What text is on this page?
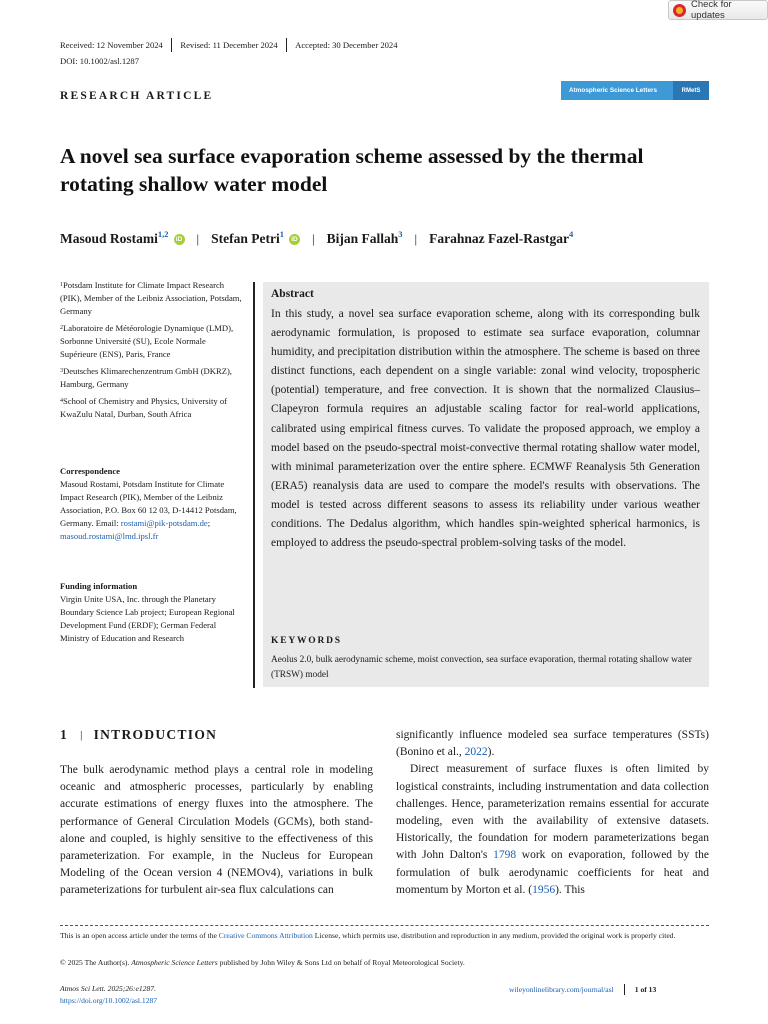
Check for updates
Received: 12 November 2024 Revised: 11 December 2024 Accepted: 30 December 2024
DOI: 10.1002/asl.1287
RESEARCH ARTICLE	Atmospheric Science Letters	RMetS
A novel sea surface evaporation scheme assessed by the thermal rotating shallow water model
Masoud Rostami$^{1,2}$	iD | Stefan Petri$^1$	iD | Bijan Fallah$^3$ | Farahnaz Fazel-Rastgar$^4$
$^1$Potsdam Institute for Climate Impact Research (PIK), Member of the Leibniz Association, Potsdam, Germany
$^2$Laboratoire de Météorologie Dynamique (LMD), Sorbonne Université (SU), Ecole Normale Supérieure (ENS), Paris, France
$^3$Deutsches Klimarechenzentrum GmbH (DKRZ), Hamburg, Germany
$^4$School of Chemistry and Physics, University of KwaZulu Natal, Durban, South Africa
Correspondence
Masoud Rostami, Potsdam Institute for Climate Impact Research (PIK), Member of the Leibniz Association, P.O. Box 60 12 03, D-14412 Potsdam, Germany. Email: rostami@pik-potsdam.de; masoud.rostami@lmd.ipsl.fr
Funding information
Virgin Unite USA, Inc. through the Planetary Boundary Science Lab project; European Regional Development Fund (ERDF); German Federal Ministry of Education and Research
Abstract
In this study, a novel sea surface evaporation scheme, along with its corresponding bulk aerodynamic formulation, is proposed to estimate sea surface evaporation, columnar humidity, and precipitation distribution within the atmosphere. The scheme is based on three distinct functions, each dependent on a single variable: zonal wind velocity, tropospheric (potential) temperature, and free convection. It is shown that the normalized Clausius–Clapeyron formula requires an adjustable scaling factor for real-world applications, calibrated using empirical fitness curves. To validate the proposed approach, we employ a model based on the pseudo-spectral moist-convective thermal rotating shallow water model, with minimal parameterization over the entire sphere. ECMWF Reanalysis 5th Generation (ERA5) reanalysis data are used to compare the model's results with observations. The model is tested across different seasons to assess its reliability under various weather conditions. The Dedalus algorithm, which handles spin-weighted spherical harmonics, is employed to address the pseudo-spectral problem-solving tasks of the model.
KEYWORDS
Aeolus 2.0, bulk aerodynamic scheme, moist convection, sea surface evaporation, thermal rotating shallow water (TRSW) model
1 | INTRODUCTION
The bulk aerodynamic method plays a central role in modeling oceanic and atmospheric processes, particularly by enabling accurate estimations of energy fluxes into the atmosphere. The performance of General Circulation Models (GCMs), both stand-alone and coupled, is highly sensitive to the effectiveness of this parameterization. For example, in the Nucleus for European Modeling of the Ocean version 4 (NEMOv4), variations in bulk parameterizations for turbulent air-sea flux calculations can

significantly influence modeled sea surface temperatures (SSTs) (Bonino et al., 2022).

Direct measurement of surface fluxes is often limited by logistical constraints, including instrumentation and data collection challenges. Hence, parameterization remains essential for accurate modeling, even with the availability of extensive datasets. Historically, the foundation for modern parameterizations began with John Dalton's 1798 work on evaporation, followed by the formulation of bulk aerodynamic coefficients for heat and momentum by Morton et al. (1956). This

This is an open access article under the terms of the Creative Commons Attribution License, which permits use, distribution and reproduction in any medium, provided the original work is properly cited.
© 2025 The Author(s). Atmospheric Science Letters published by John Wiley & Sons Ltd on behalf of Royal Meteorological Society.
Atmos Sci Lett. 2025;26:e1287.
https://doi.org/10.1002/asl.1287
wileyonlinelibrary.com/journal/asl	1 of 13
